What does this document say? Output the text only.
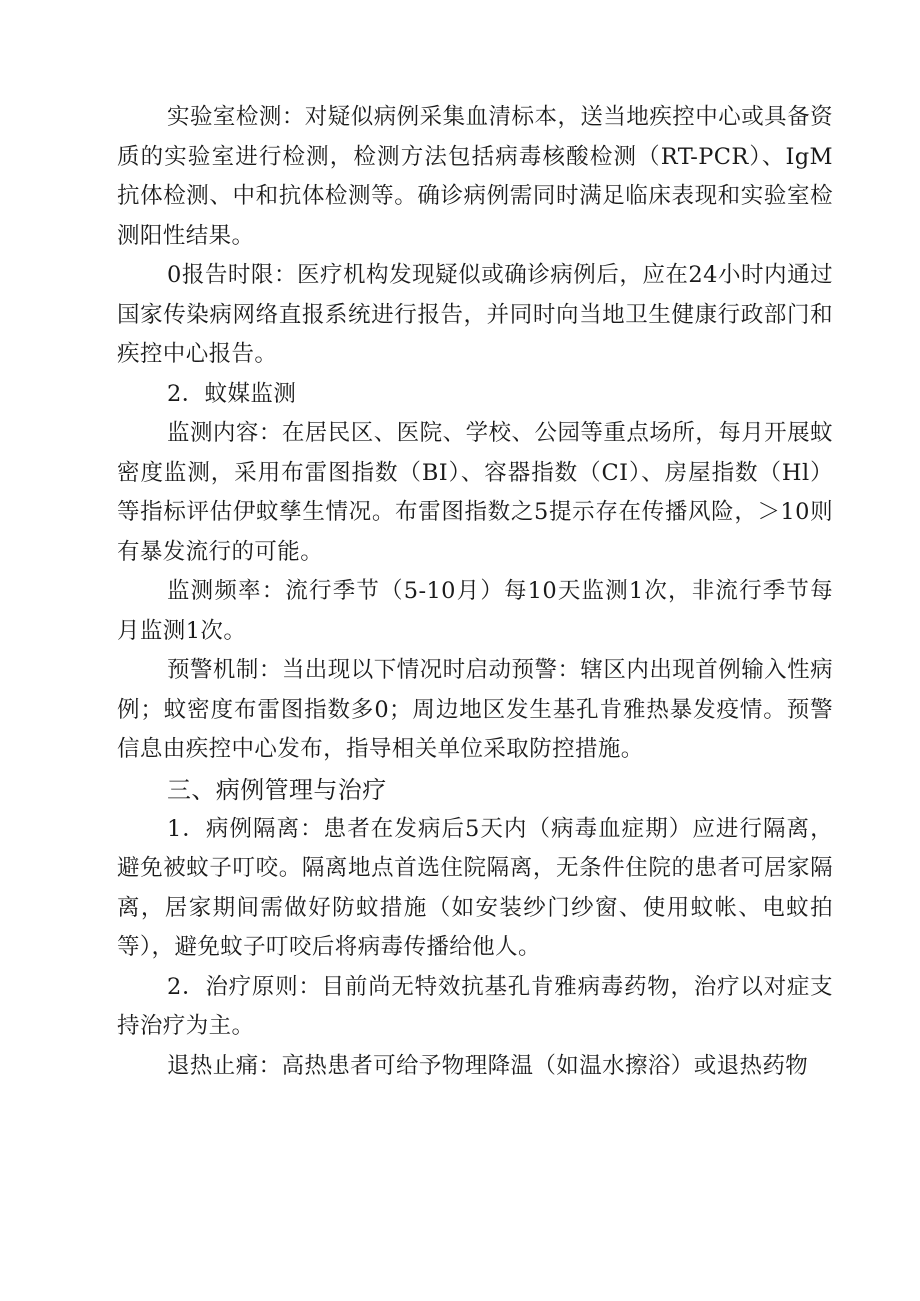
实验室检测：对疑似病例采集血清标本，送当地疾控中心或具备资质的实验室进行检测，检测方法包括病毒核酸检测（RT-PCR）、IgM抗体检测、中和抗体检测等。确诊病例需同时满足临床表现和实验室检测阳性结果。

0报告时限：医疗机构发现疑似或确诊病例后，应在24小时内通过国家传染病网络直报系统进行报告，并同时向当地卫生健康行政部门和疾控中心报告。

2．蚊媒监测

监测内容：在居民区、医院、学校、公园等重点场所，每月开展蚊密度监测，采用布雷图指数（BI）、容器指数（CI）、房屋指数（Hl）等指标评估伊蚊孳生情况。布雷图指数之5提示存在传播风险，＞10则有暴发流行的可能。

监测频率：流行季节（5-10月）每10天监测1次，非流行季节每月监测1次。

预警机制：当出现以下情况时启动预警：辖区内出现首例输入性病例；蚊密度布雷图指数多0；周边地区发生基孔肯雅热暴发疫情。预警信息由疾控中心发布，指导相关单位采取防控措施。

三、病例管理与治疗

1．病例隔离：患者在发病后5天内（病毒血症期）应进行隔离，避免被蚊子叮咬。隔离地点首选住院隔离，无条件住院的患者可居家隔离，居家期间需做好防蚊措施（如安装纱门纱窗、使用蚊帐、电蚊拍等），避免蚊子叮咬后将病毒传播给他人。

2．治疗原则：目前尚无特效抗基孔肯雅病毒药物，治疗以对症支持治疗为主。

退热止痛：高热患者可给予物理降温（如温水擦浴）或退热药物
